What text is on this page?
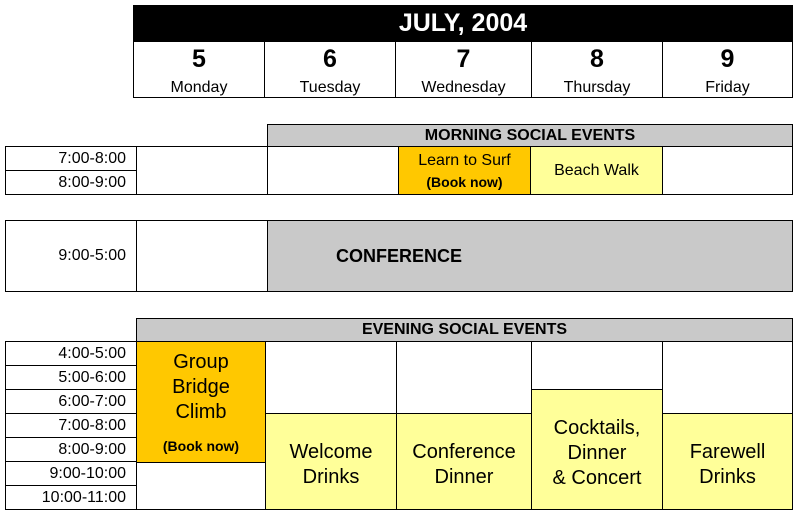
JULY, 2004
5
Monday
6
Tuesday
7
Wednesday
8
Thursday
9
Friday
MORNING SOCIAL EVENTS
7:00-8:00
8:00-9:00
Learn to Surf
(Book now)
Beach Walk
9:00-5:00	CONFERENCE
EVENING SOCIAL EVENTS
4:00-5:00
5:00-6:00
6:00-7:00
7:00-8:00
8:00-9:00
9:00-10:00
10:00-11:00
Group
Bridge
Climb
(Book now)	Welcome
Drinks
Conference
Dinner
Cocktails,
Dinner
& Concert
Farewell
Drinks
